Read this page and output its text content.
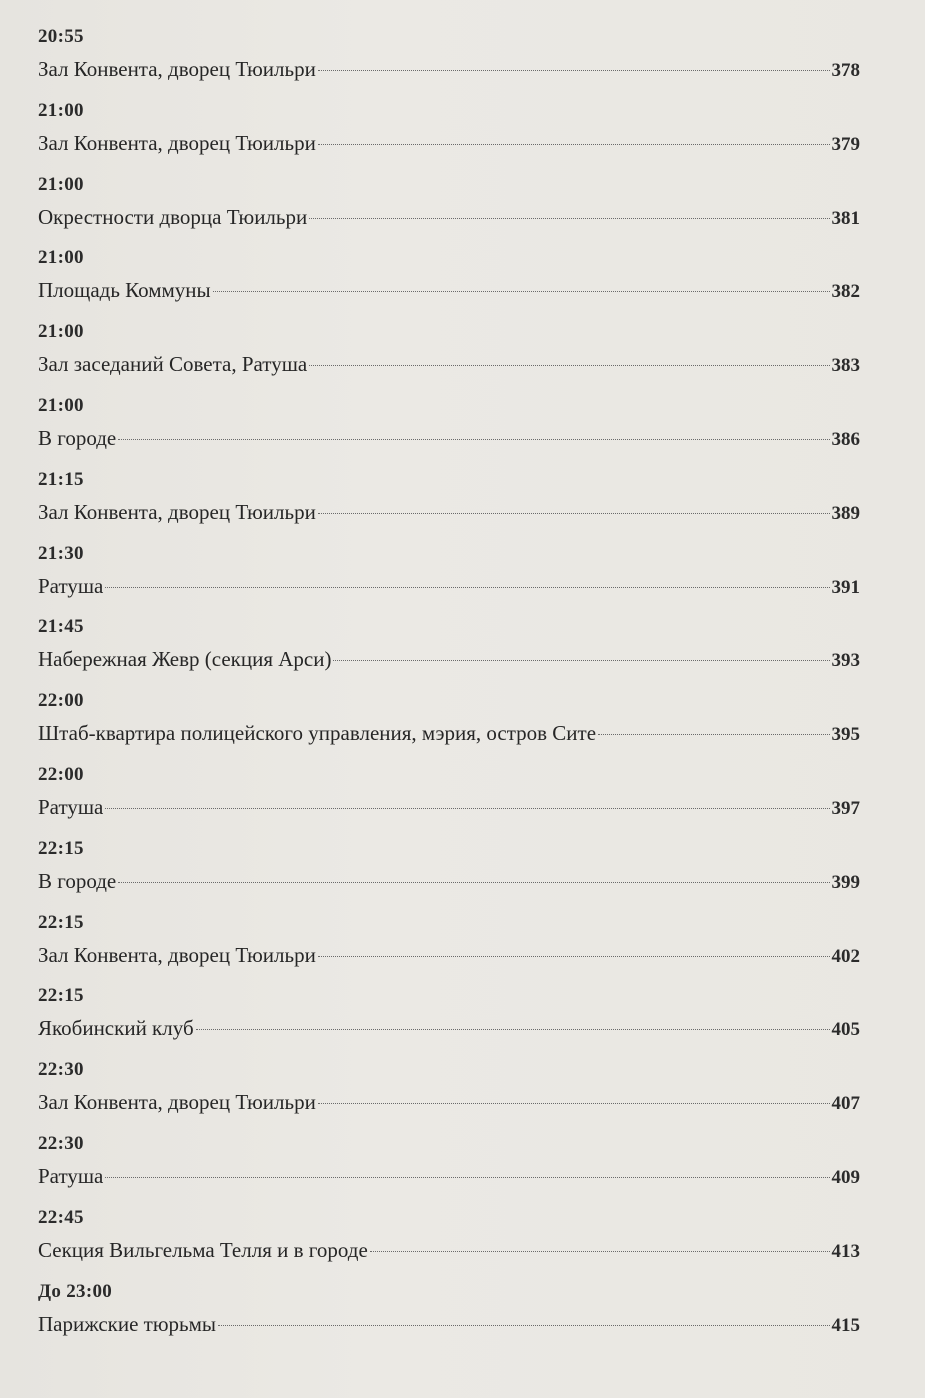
20:55
Зал Конвента, дворец Тюильри	378
21:00
Зал Конвента, дворец Тюильри	379
21:00
Окрестности дворца Тюильри	381
21:00
Площадь Коммуны	382
21:00
Зал заседаний Совета, Ратуша	383
21:00
В городе	386
21:15
Зал Конвента, дворец Тюильри	389
21:30
Ратуша	391
21:45
Набережная Жевр (секция Арси)	393
22:00
Штаб-квартира полицейского управления, мэрия, остров Сите	395
22:00
Ратуша	397
22:15
В городе	399
22:15
Зал Конвента, дворец Тюильри	402
22:15
Якобинский клуб	405
22:30
Зал Конвента, дворец Тюильри	407
22:30
Ратуша	409
22:45
Секция Вильгельма Телля и в городе	413
До 23:00
Парижские тюрьмы	415
